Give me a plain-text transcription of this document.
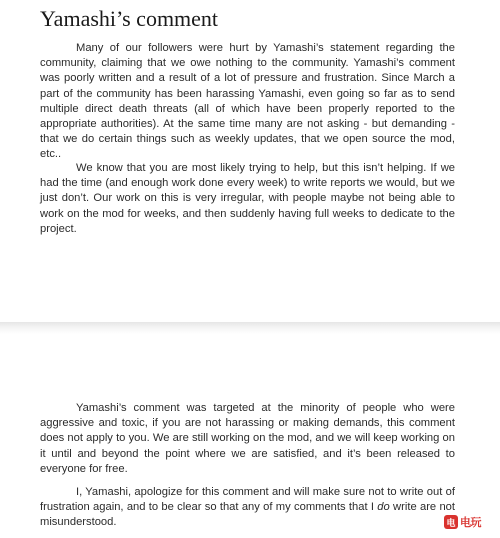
Yamashi’s comment

Many of our followers were hurt by Yamashi’s statement regarding the community, claiming that we owe nothing to the community. Yamashi’s comment was poorly written and a result of a lot of pressure and frustration. Since March a part of the community has been harassing Yamashi, even going so far as to send multiple direct death threats (all of which have been properly reported to the appropriate authorities). At the same time many are not asking - but demanding - that we do certain things such as weekly updates, that we open source the mod, etc..

We know that you are most likely trying to help, but this isn’t helping. If we had the time (and enough work done every week) to write reports we would, but we just don’t. Our work on this is very irregular, with people maybe not being able to work on the mod for weeks, and then suddenly having full weeks to dedicate to the project.

Yamashi’s comment was targeted at the minority of people who were aggressive and toxic, if you are not harassing or making demands, this comment does not apply to you. We are still working on the mod, and we will keep working on it until and beyond the point where we are satisfied, and it’s been released to everyone for free.

I, Yamashi, apologize for this comment and will make sure not to write out of frustration again, and to be clear so that any of my comments that I do write are not misunderstood.	电 电玩
